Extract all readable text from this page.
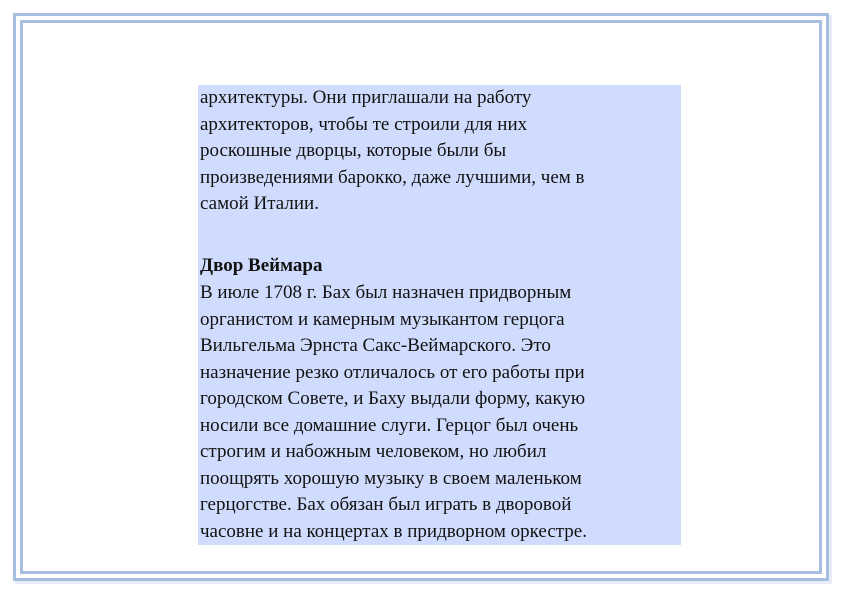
архитектуры. Они приглашали на работу
архитекторов, чтобы те строили для них
роскошные дворцы, которые были бы
произведениями барокко, даже лучшими, чем в
самой Италии.

Двор Веймара

В июле 1708 г. Бах был назначен придворным
органистом и камерным музыкантом герцога
Вильгельма Эрнста Сакс-Веймарского. Это
назначение резко отличалось от его работы при
городском Совете, и Баху выдали форму, какую
носили все домашние слуги. Герцог был очень
строгим и набожным человеком, но любил
поощрять хорошую музыку в своем маленьком
герцогстве. Бах обязан был играть в дворовой
часовне и на концертах в придворном оркестре.
